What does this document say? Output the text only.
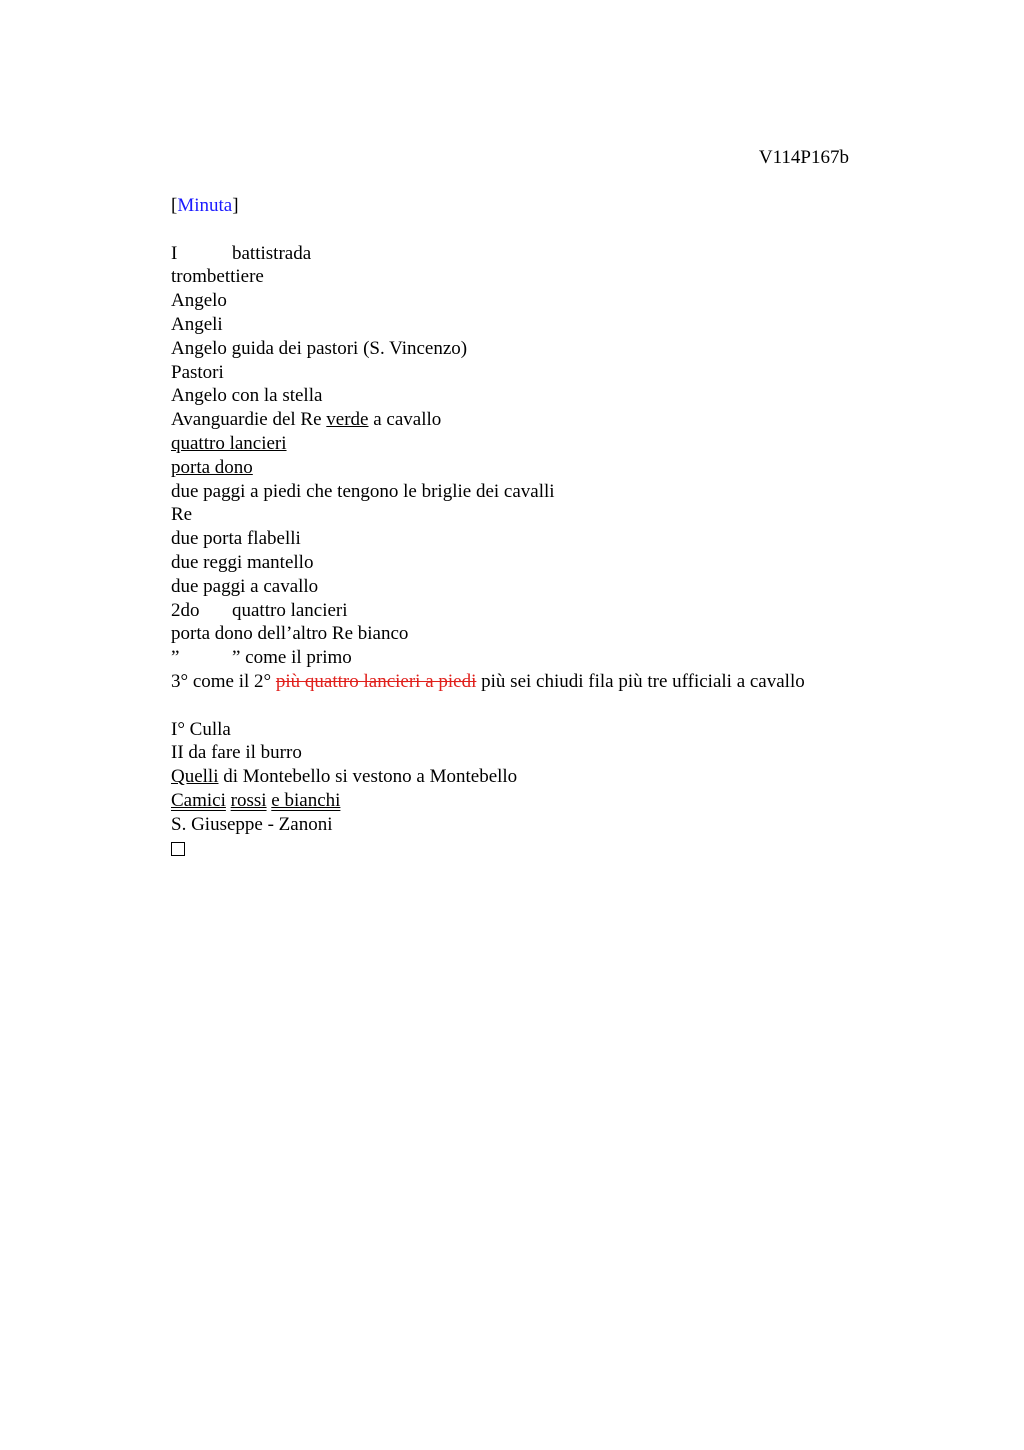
V114P167b
[Minuta]
I	battistrada
trombettiere
Angelo
Angeli
Angelo guida dei pastori (S. Vincenzo)
Pastori
Angelo con la stella
Avanguardie del Re verde a cavallo
quattro lancieri
porta dono
due paggi a piedi che tengono le briglie dei cavalli
Re
due porta flabelli
due reggi mantello
due paggi a cavallo
2do quattro lancieri
porta dono dell’altro Re bianco
”	” come il primo
3° come il 2° più quattro lancieri a piedi più sei chiudi fila più tre ufficiali a cavallo
I° Culla
II da fare il burro
Quelli di Montebello si vestono a Montebello
Camici rossi e bianchi
S. Giuseppe - Zanoni
